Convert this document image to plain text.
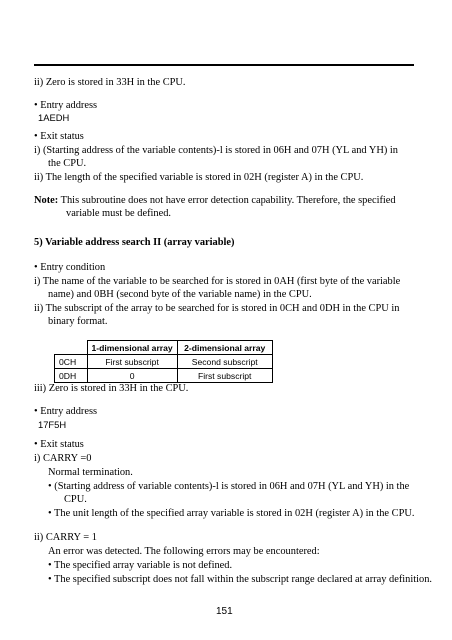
ii) Zero is stored in 33H in the CPU.
• Entry address
1AEDH
• Exit status
i) (Starting address of the variable contents)-l is stored in 06H and 07H (YL and YH) in
the CPU.
ii) The length of the specified variable is stored in 02H (register A) in the CPU.
Note: This subroutine does not have error detection capability. Therefore, the specified
variable must be defined.
5) Variable address search II (array variable)
• Entry condition
i) The name of the variable to be searched for is stored in 0AH (first byte of the variable
name) and 0BH (second byte of the variable name) in the CPU.
ii) The subscript of the array to be searched for is stored in 0CH and 0DH in the CPU in
binary format.
	1-dimensional array	2-dimensional array
0CH	First subscript	Second subscript
0DH	0	First subscript
iii) Zero is stored in 33H in the CPU.
• Entry address
17F5H
• Exit status
i) CARRY =0
Normal termination.
• (Starting address of variable contents)-l is stored in 06H and 07H (YL and YH) in the
CPU.
• The unit length of the specified array variable is stored in 02H (register A) in the CPU.
ii) CARRY = 1
An error was detected. The following errors may be encountered:
• The specified array variable is not defined.
• The specified subscript does not fall within the subscript range declared at array definition.
151
